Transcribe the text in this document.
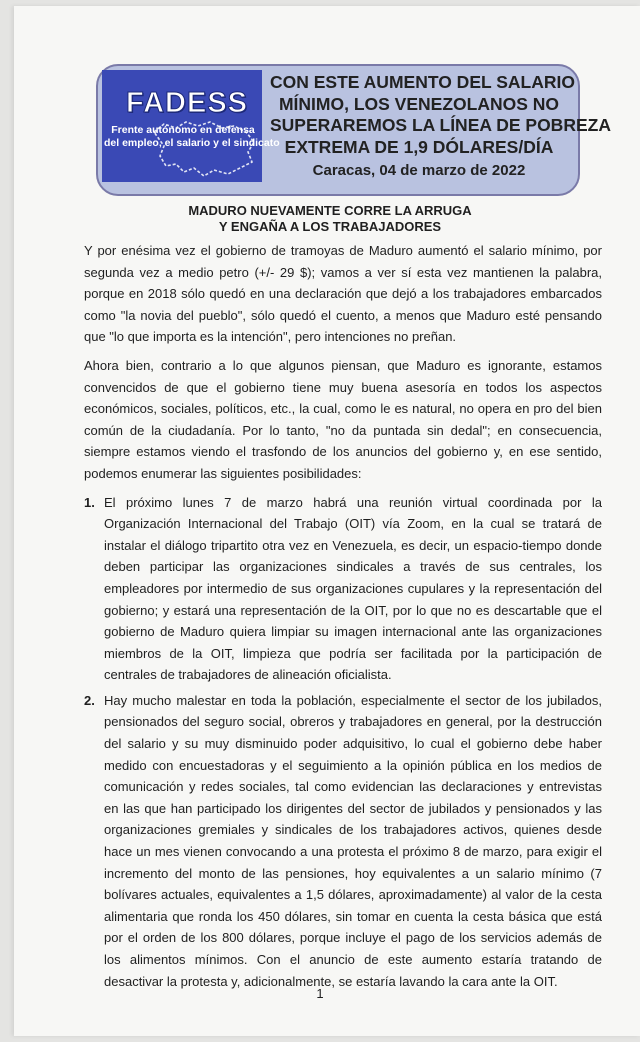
FADESS
Frente autónomo en defensa
del empleo, el salario y el sindicato
CON ESTE AUMENTO DEL SALARIO
MÍNIMO, LOS VENEZOLANOS NO
SUPERAREMOS LA LÍNEA DE POBREZA
EXTREMA DE 1,9 DÓLARES/DÍA
Caracas, 04 de marzo de 2022
MADURO NUEVAMENTE CORRE LA ARRUGA
Y ENGAÑA A LOS TRABAJADORES

Y por enésima vez el gobierno de tramoyas de Maduro aumentó el salario mínimo, por
segunda vez a medio petro (+/- 29 $); vamos a ver sí esta vez mantienen la palabra,
porque en 2018 sólo quedó en una declaración que dejó a los trabajadores embarcados
como "la novia del pueblo", sólo quedó el cuento, a menos que Maduro esté pensando
que "lo que importa es la intención", pero intenciones no preñan.

Ahora bien, contrario a lo que algunos piensan, que Maduro es ignorante, estamos
convencidos de que el gobierno tiene muy buena asesoría en todos los aspectos
económicos, sociales, políticos, etc., la cual, como le es natural, no opera en pro del bien
común de la ciudadanía. Por lo tanto, "no da puntada sin dedal"; en consecuencia,
siempre estamos viendo el trasfondo de los anuncios del gobierno y, en ese sentido,
podemos enumerar las siguientes posibilidades:

1. El próximo lunes 7 de marzo habrá una reunión virtual coordinada por la
Organización Internacional del Trabajo (OIT) vía Zoom, en la cual se tratará de
instalar el diálogo tripartito otra vez en Venezuela, es decir, un espacio-tiempo donde
deben participar las organizaciones sindicales a través de sus centrales, los
empleadores por intermedio de sus organizaciones cupulares y la representación del
gobierno; y estará una representación de la OIT, por lo que no es descartable que el
gobierno de Maduro quiera limpiar su imagen internacional ante las organizaciones
miembros de la OIT, limpieza que podría ser facilitada por la participación de
centrales de trabajadores de alineación oficialista.
2. Hay mucho malestar en toda la población, especialmente el sector de los jubilados,
pensionados del seguro social, obreros y trabajadores en general, por la destrucción
del salario y su muy disminuido poder adquisitivo, lo cual el gobierno debe haber
medido con encuestadoras y el seguimiento a la opinión pública en los medios de
comunicación y redes sociales, tal como evidencian las declaraciones y entrevistas
en las que han participado los dirigentes del sector de jubilados y pensionados y las
organizaciones gremiales y sindicales de los trabajadores activos, quienes desde
hace un mes vienen convocando a una protesta el próximo 8 de marzo, para exigir el
incremento del monto de las pensiones, hoy equivalentes a un salario mínimo (7
bolívares actuales, equivalentes a 1,5 dólares, aproximadamente) al valor de la cesta
alimentaria que ronda los 450 dólares, sin tomar en cuenta la cesta básica que está
por el orden de los 800 dólares, porque incluye el pago de los servicios además de
los alimentos mínimos. Con el anuncio de este aumento estaría tratando de
desactivar la protesta y, adicionalmente, se estaría lavando la cara ante la OIT.
1
